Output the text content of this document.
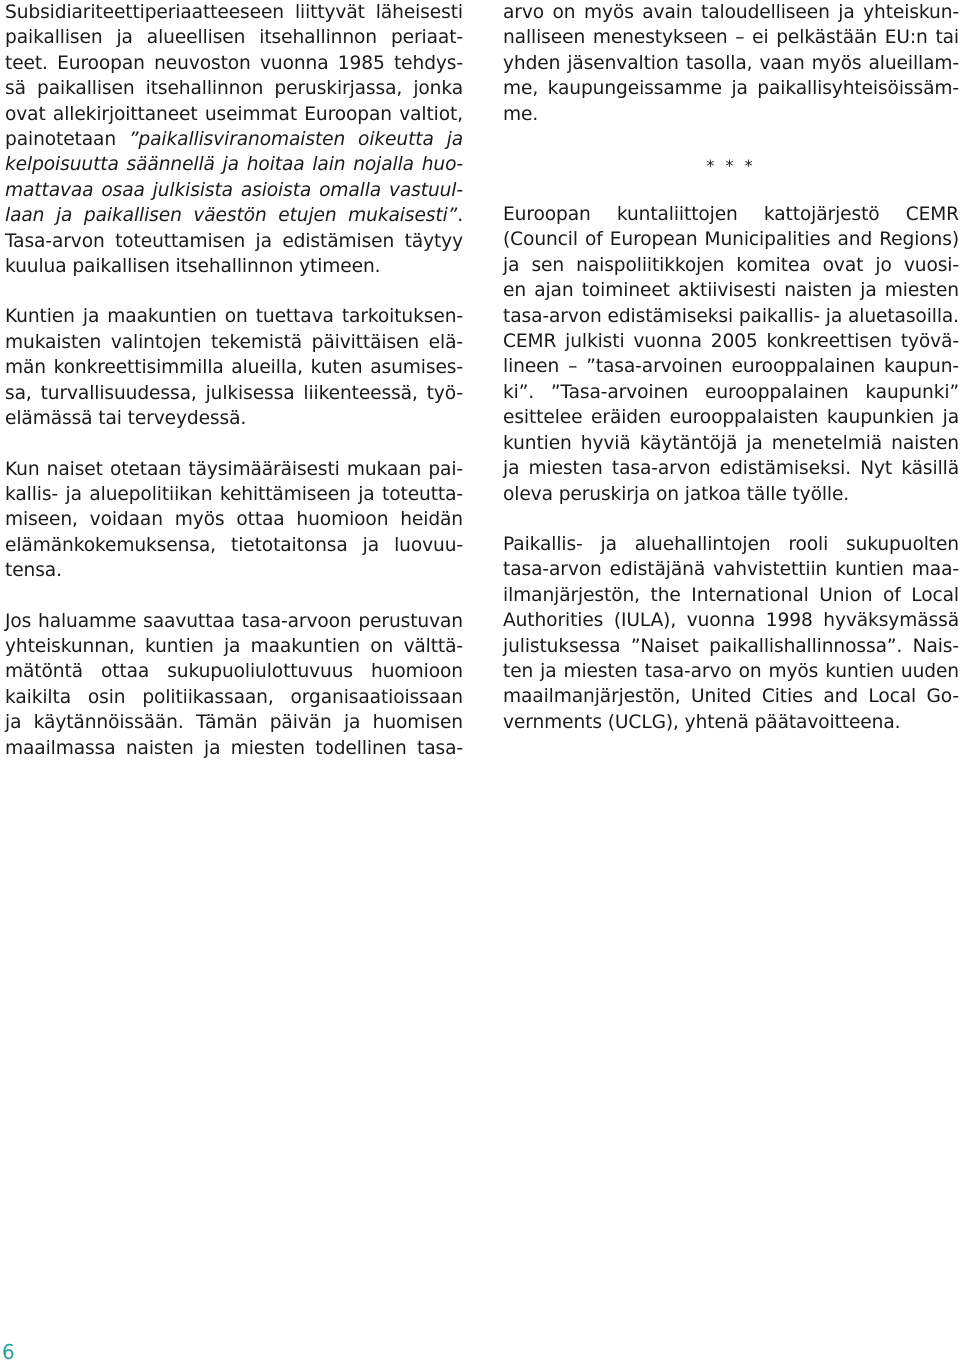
Subsidiariteettiperiaatteeseen liittyvät läheisesti
paikallisen ja alueellisen itsehallinnon periaat-
teet. Euroopan neuvoston vuonna 1985 tehdys-
sä paikallisen itsehallinnon peruskirjassa, jonka
ovat allekirjoittaneet useimmat Euroopan valtiot,
painotetaan ”paikallisviranomaisten oikeutta ja
kelpoisuutta säännellä ja hoitaa lain nojalla huo-
mattavaa osaa julkisista asioista omalla vastuul-
laan ja paikallisen väestön etujen mukaisesti”.
Tasa-arvon toteuttamisen ja edistämisen täytyy
kuulua paikallisen itsehallinnon ytimeen.

Kuntien ja maakuntien on tuettava tarkoituksen-
mukaisten valintojen tekemistä päivittäisen elä-
män konkreettisimmilla alueilla, kuten asumises-
sa, turvallisuudessa, julkisessa liikenteessä, työ-
elämässä tai terveydessä.

Kun naiset otetaan täysimääräisesti mukaan pai-
kallis- ja aluepolitiikan kehittämiseen ja toteutta-
miseen, voidaan myös ottaa huomioon heidän
elämänkokemuksensa, tietotaitonsa ja luovuu-
tensa.

Jos haluamme saavuttaa tasa-arvoon perustuvan
yhteiskunnan, kuntien ja maakuntien on välttä-
mätöntä ottaa sukupuoliulottuvuus huomioon
kaikilta osin politiikassaan, organisaatioissaan
ja käytännöissään. Tämän päivän ja huomisen
maailmassa naisten ja miesten todellinen tasa-

arvo on myös avain taloudelliseen ja yhteiskun-
nalliseen menestykseen – ei pelkästään EU:n tai
yhden jäsenvaltion tasolla, vaan myös alueillam-
me, kaupungeissamme ja paikallisyhteisöissäm-
me.

* * *

Euroopan kuntaliittojen kattojärjestö CEMR
(Council of European Municipalities and Regions)
ja sen naispoliitikkojen komitea ovat jo vuosi-
en ajan toimineet aktiivisesti naisten ja miesten
tasa-arvon edistämiseksi paikallis- ja aluetasoilla.
CEMR julkisti vuonna 2005 konkreettisen työvä-
lineen – ”tasa-arvoinen eurooppalainen kaupun-
ki”. ”Tasa-arvoinen eurooppalainen kaupunki”
esittelee eräiden eurooppalaisten kaupunkien ja
kuntien hyviä käytäntöjä ja menetelmiä naisten
ja miesten tasa-arvon edistämiseksi. Nyt käsillä
oleva peruskirja on jatkoa tälle työlle.

Paikallis- ja aluehallintojen rooli sukupuolten
tasa-arvon edistäjänä vahvistettiin kuntien maa-
ilmanjärjestön, the International Union of Local
Authorities (IULA), vuonna 1998 hyväksymässä
julistuksessa ”Naiset paikallishallinnossa”. Nais-
ten ja miesten tasa-arvo on myös kuntien uuden
maailmanjärjestön, United Cities and Local Go-
vernments (UCLG), yhtenä päätavoitteena.

6
